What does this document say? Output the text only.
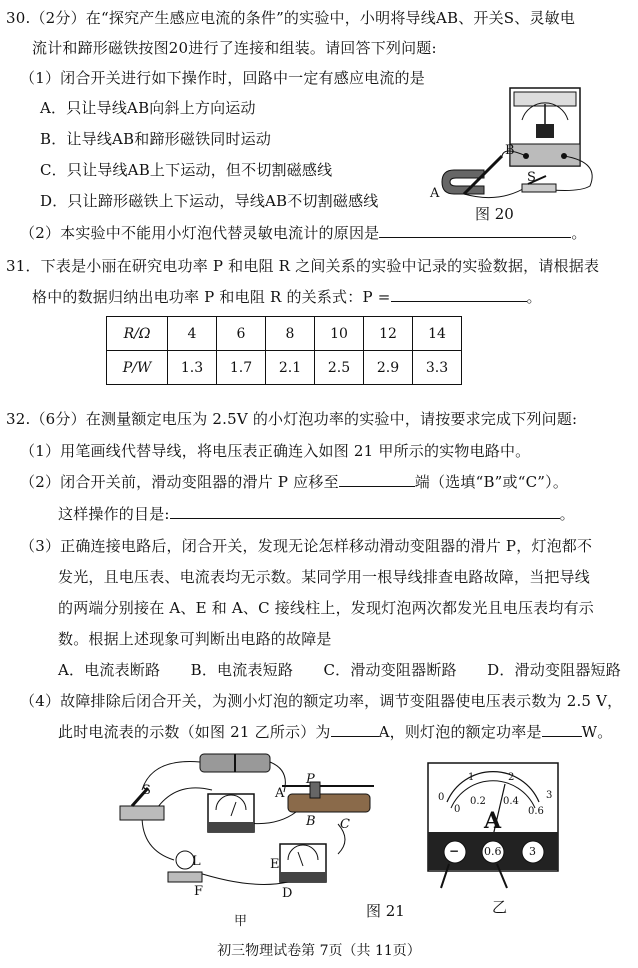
30.（2分）在“探究产生感应电流的条件”的实验中，小明将导线AB、开关S、灵敏电
流计和蹄形磁铁按图20进行了连接和组装。请回答下列问题:
（1）闭合开关进行如下操作时，回路中一定有感应电流的是
A．只让导线AB向斜上方向运动
B．让导线AB和蹄形磁铁同时运动
C．只让导线AB上下运动，但不切割磁感线
D．只让蹄形磁铁上下运动，导线AB不切割磁感线
（2）本实验中不能用小灯泡代替灵敏电流计的原因是	。
A
B
S
图 20
31．下表是小丽在研究电功率 P 和电阻 R 之间关系的实验中记录的实验数据，请根据表
格中的数据归纳出电功率 P 和电阻 R 的关系式：P =	。
R/Ω	4	6	8	10	12	14
P/W	1.3	1.7	2.1	2.5	2.9	3.3
32.（6分）在测量额定电压为 2.5V 的小灯泡功率的实验中，请按要求完成下列问题:
（1）用笔画线代替导线，将电压表正确连入如图 21 甲所示的实物电路中。
（2）闭合开关前，滑动变阻器的滑片 P 应移至	端（选填“B”或“C”）。
这样操作的目是:	。
（3）正确连接电路后，闭合开关，发现无论怎样移动滑动变阻器的滑片 P，灯泡都不
发光，且电压表、电流表均无示数。某同学用一根导线排查电路故障，当把导线
的两端分别接在 A、E 和 A、C 接线柱上，发现灯泡两次都发光且电压表均有示
数。根据上述现象可判断出电路的故障是
A．电流表断路　　B．电流表短路　　C．滑动变阻器断路　　D．滑动变阻器短路
（4）故障排除后闭合开关，为测小灯泡的额定功率，调节变阻器使电压表示数为 2.5 V，
此时电流表的示数（如图 21 乙所示）为	A，则灯泡的额定功率是	W。
S	A
P
B C
L	E
F	D
甲
图 21
0
1	2
3
0
0.2 0.4
0.6
A
− 0.6	3
乙
初三物理试卷第 7页（共 11页）
